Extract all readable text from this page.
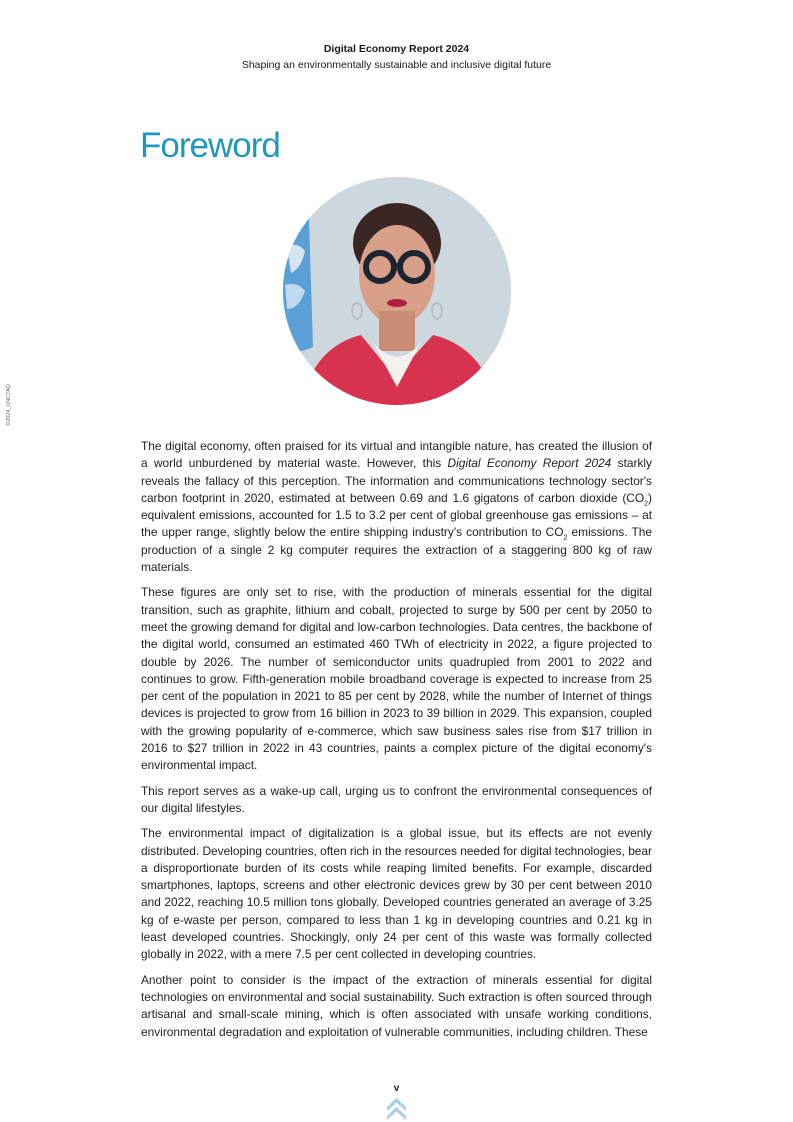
Digital Economy Report 2024
Shaping an environmentally sustainable and inclusive digital future
Foreword
©2024_UNCTAD

The digital economy, often praised for its virtual and intangible nature, has created the illusion of a world unburdened by material waste. However, this Digital Economy Report 2024 starkly reveals the fallacy of this perception. The information and communications technology sector's carbon footprint in 2020, estimated at between 0.69 and 1.6 gigatons of carbon dioxide $(CO_2)$ equivalent emissions, accounted for 1.5 to 3.2 per cent of global greenhouse gas emissions – at the upper range, slightly below the entire shipping industry's contribution to $CO_2$ emissions. The production of a single 2 kg computer requires the extraction of a staggering 800 kg of raw materials.

These figures are only set to rise, with the production of minerals essential for the digital transition, such as graphite, lithium and cobalt, projected to surge by 500 per cent by 2050 to meet the growing demand for digital and low-carbon technologies. Data centres, the backbone of the digital world, consumed an estimated 460 TWh of electricity in 2022, a figure projected to double by 2026. The number of semiconductor units quadrupled from 2001 to 2022 and continues to grow. Fifth-generation mobile broadband coverage is expected to increase from 25 per cent of the population in 2021 to 85 per cent by 2028, while the number of Internet of things devices is projected to grow from 16 billion in 2023 to 39 billion in 2029. This expansion, coupled with the growing popularity of e-commerce, which saw business sales rise from $17 trillion in 2016 to $27 trillion in 2022 in 43 countries, paints a complex picture of the digital economy's environmental impact.

This report serves as a wake-up call, urging us to confront the environmental consequences of our digital lifestyles.

The environmental impact of digitalization is a global issue, but its effects are not evenly distributed. Developing countries, often rich in the resources needed for digital technologies, bear a disproportionate burden of its costs while reaping limited benefits. For example, discarded smartphones, laptops, screens and other electronic devices grew by 30 per cent between 2010 and 2022, reaching 10.5 million tons globally. Developed countries generated an average of 3.25 kg of e-waste per person, compared to less than 1 kg in developing countries and 0.21 kg in least developed countries. Shockingly, only 24 per cent of this waste was formally collected globally in 2022, with a mere 7.5 per cent collected in developing countries.

Another point to consider is the impact of the extraction of minerals essential for digital technologies on environmental and social sustainability. Such extraction is often sourced through artisanal and small-scale mining, which is often associated with unsafe working conditions, environmental degradation and exploitation of vulnerable communities, including children. These

v
